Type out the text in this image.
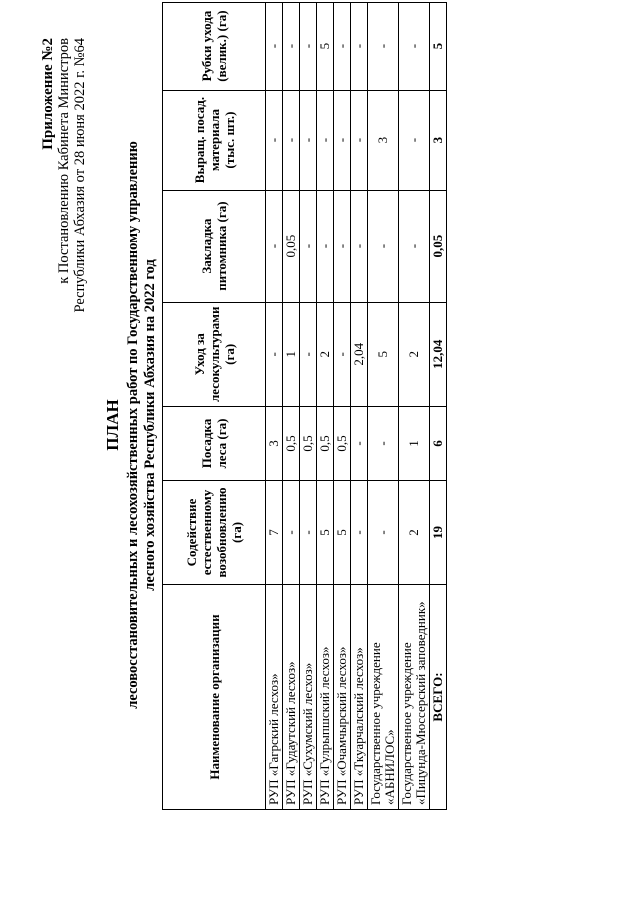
Приложение №2 к Постановлению Кабинета Министров Республики Абхазия от 28 июня 2022 г. №64
ПЛАН лесовосстановительных и лесохозяйственных работ по Государственному управлению лесного хозяйства Республики Абхазия на 2022 год
Наименование организации	Содействие естественному возобновлению (га)	Посадка леса (га)	Уход за лесокультурами (га)	Закладка питомника (га)	Выращ. посад. материала (тыс. шт.)	Рубки ухода (велик.) (га)
РУП «Гагрский лесхоз»	7	3	-	-	-	-
РУП «Гудаутский лесхоз»	-	0,5	1	0,05	-	-
РУП «Сухумский лесхоз»	-	0,5	-	-	-	-
РУП «Гулрыпшский лесхоз»	5	0,5	2	-	-	5
РУП «Очамчырский лесхоз»	5	0,5	-	-	-	-
РУП «Ткуарчалский лесхоз»	-	-	2,04	-	-	-
Государственное учреждение «АБНИЛОС»	-	-	5	-	3	-
Государственное учреждение «Пицунда-Мюссерский заповедник»	2	1	2	-	-	-
ВСЕГО:	19	6	12,04	0,05	3	5
